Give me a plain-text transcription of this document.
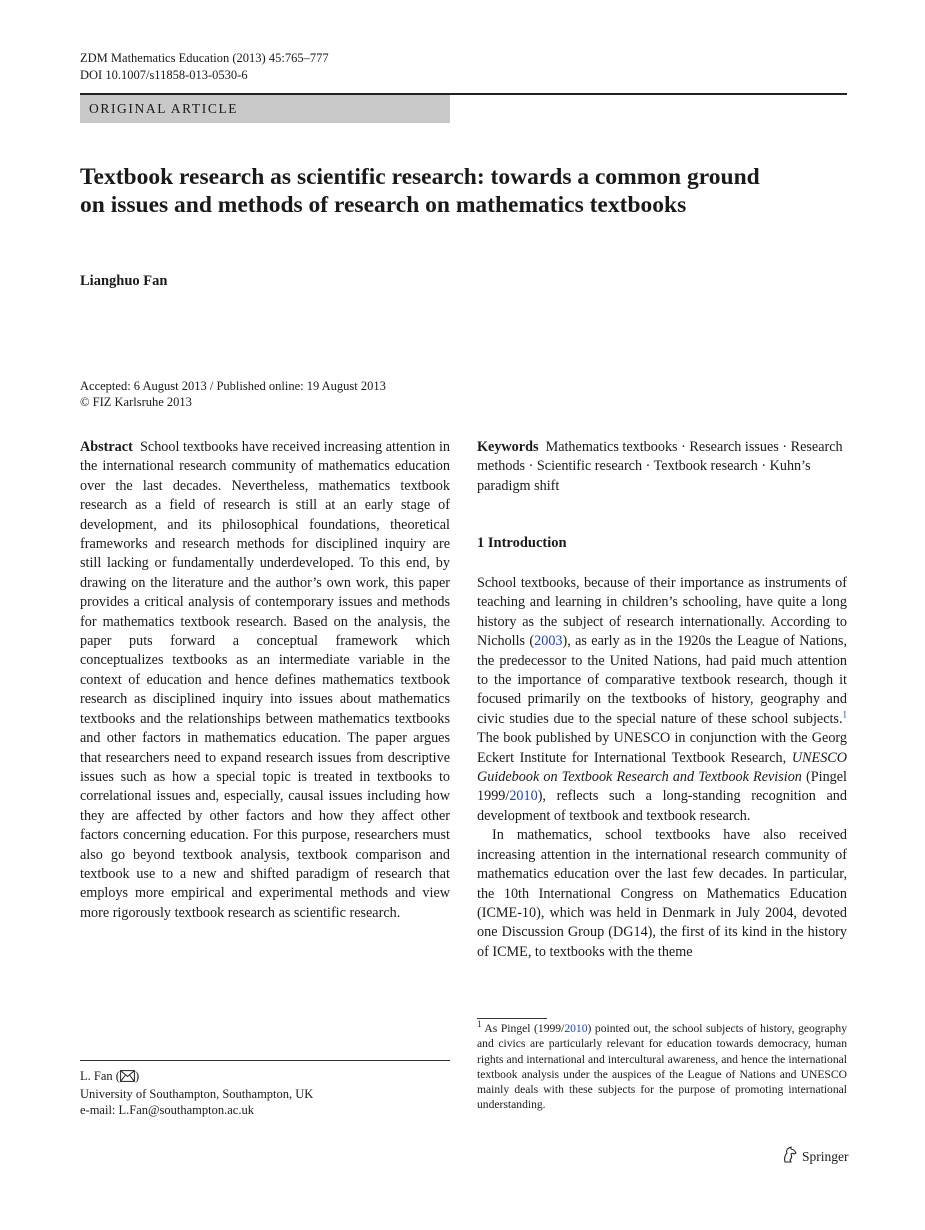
ZDM Mathematics Education (2013) 45:765–777
DOI 10.1007/s11858-013-0530-6
ORIGINAL ARTICLE
Textbook research as scientific research: towards a common ground on issues and methods of research on mathematics textbooks
Lianghuo Fan
Accepted: 6 August 2013 / Published online: 19 August 2013
© FIZ Karlsruhe 2013

Abstract School textbooks have received increasing attention in the international research community of mathematics education over the last decades. Nevertheless, mathematics textbook research as a field of research is still at an early stage of development, and its philosophical foundations, theoretical frameworks and research methods for disciplined inquiry are still lacking or fundamentally underdeveloped. To this end, by drawing on the literature and the author’s own work, this paper provides a critical analysis of contemporary issues and methods for mathematics textbook research. Based on the analysis, the paper puts forward a conceptual framework which conceptualizes textbooks as an intermediate variable in the context of education and hence defines mathematics textbook research as disciplined inquiry into issues about mathematics textbooks and the relationships between mathematics textbooks and other factors in mathematics education. The paper argues that researchers need to expand research issues from descriptive issues such as how a special topic is treated in textbooks to correlational issues and, especially, causal issues including how they are affected by other factors and how they affect other factors concerning education. For this purpose, researchers must also go beyond textbook analysis, textbook comparison and textbook use to a new and shifted paradigm of research that employs more empirical and experimental methods and view more rigorously textbook research as scientific research.

Keywords Mathematics textbooks · Research issues · Research methods · Scientific research · Textbook research · Kuhn’s paradigm shift

1 Introduction

School textbooks, because of their importance as instruments of teaching and learning in children’s schooling, have quite a long history as the subject of research internationally. According to Nicholls (2003), as early as in the 1920s the League of Nations, the predecessor to the United Nations, had paid much attention to the importance of comparative textbook research, though it focused primarily on the textbooks of history, geography and civic studies due to the special nature of these school subjects.$^1$ The book published by UNESCO in conjunction with the Georg Eckert Institute for International Textbook Research, UNESCO Guidebook on Textbook Research and Textbook Revision (Pingel 1999/2010), reflects such a long-standing recognition and development of textbook and textbook research.

In mathematics, school textbooks have also received increasing attention in the international research community of mathematics education over the last few decades. In particular, the 10th International Congress on Mathematics Education (ICME-10), which was held in Denmark in July 2004, devoted one Discussion Group (DG14), the first of its kind in the history of ICME, to textbooks with the theme

$^1$ As Pingel (1999/2010) pointed out, the school subjects of history, geography and civics are particularly relevant for education towards democracy, human rights and international and intercultural awareness, and hence the international textbook analysis under the auspices of the League of Nations and UNESCO mainly deals with these subjects for the purpose of promoting international understanding.
L. Fan ( )
University of Southampton, Southampton, UK
e-mail: L.Fan@southampton.ac.uk
Springer
